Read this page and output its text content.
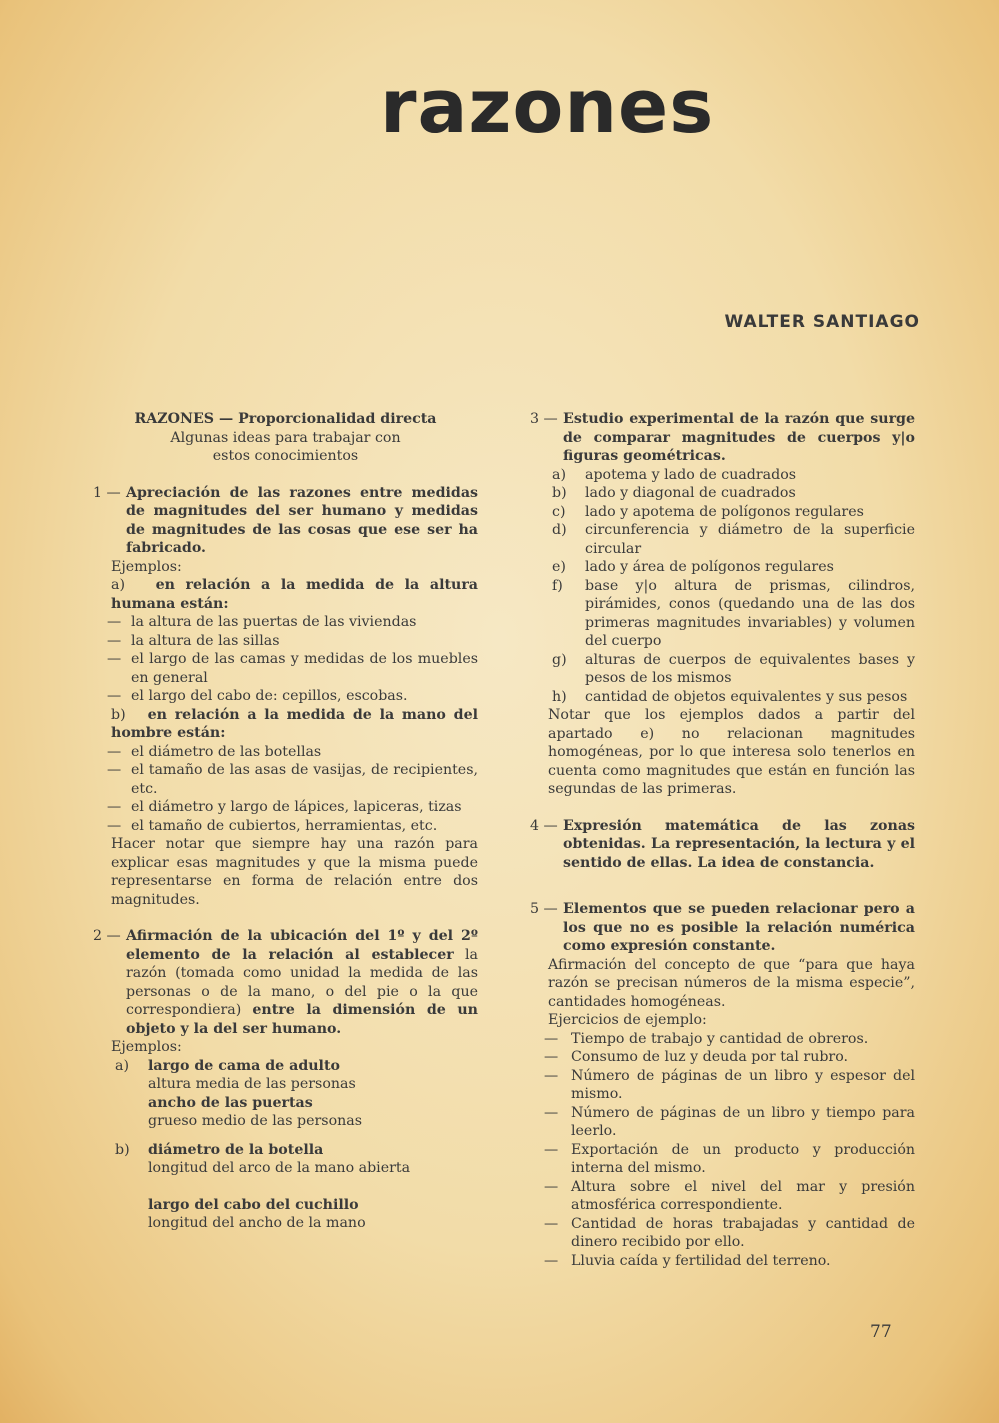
razones
WALTER SANTIAGO

RAZONES — Proporcionalidad directa

Algunas ideas para trabajar con

estos conocimientos

1 — Apreciación de las razones entre medidas de magnitudes del ser humano y medidas de magnitudes de las cosas que ese ser ha fabricado.

Ejemplos:

a) en relación a la medida de la altura humana están:

— la altura de las puertas de las viviendas
— la altura de las sillas
— el largo de las camas y medidas de los muebles en general
— el largo del cabo de: cepillos, escobas.

b) en relación a la medida de la mano del hombre están:

— el diámetro de las botellas
— el tamaño de las asas de vasijas, de recipientes, etc.
— el diámetro y largo de lápices, lapiceras, tizas
— el tamaño de cubiertos, herramientas, etc.

Hacer notar que siempre hay una razón para explicar esas magnitudes y que la misma puede representarse en forma de relación entre dos magnitudes.

2 — Afirmación de la ubicación del 1º y del 2º elemento de la relación al establecer la razón (tomada como unidad la medida de las personas o de la mano, o del pie o la que correspondiera) entre la dimensión de un objeto y la del ser humano.

Ejemplos:

a)	largo de cama de adulto

altura media de las personas

ancho de las puertas

grueso medio de las personas

b)	diámetro de la botella

longitud del arco de la mano abierta

largo del cabo del cuchillo

longitud del ancho de la mano

3 — Estudio experimental de la razón que surge de comparar magnitudes de cuerpos y|o figuras geométricas.
a)	apotema y lado de cuadrados
b)	lado y diagonal de cuadrados
c)	lado y apotema de polígonos regulares
d)	circunferencia y diámetro de la superficie circular
e)	lado y área de polígonos regulares
f)	base y|o altura de prismas, cilindros, pirámides, conos (quedando una de las dos primeras magnitudes invariables) y volumen del cuerpo
g)	alturas de cuerpos de equivalentes bases y pesos de los mismos
h)	cantidad de objetos equivalentes y sus pesos

Notar que los ejemplos dados a partir del apartado e) no relacionan magnitudes homogéneas, por lo que interesa solo tenerlos en cuenta como magnitudes que están en función las segundas de las primeras.

4 — Expresión matemática de las zonas obtenidas. La representación, la lectura y el sentido de ellas. La idea de constancia.
5 — Elementos que se pueden relacionar pero a los que no es posible la relación numérica como expresión constante.

Afirmación del concepto de que “para que haya razón se precisan números de la misma especie”, cantidades homogéneas.

Ejercicios de ejemplo:

— Tiempo de trabajo y cantidad de obreros.
— Consumo de luz y deuda por tal rubro.
— Número de páginas de un libro y espesor del mismo.
— Número de páginas de un libro y tiempo para leerlo.
— Exportación de un producto y producción interna del mismo.
— Altura sobre el nivel del mar y presión atmosférica correspondiente.
— Cantidad de horas trabajadas y cantidad de dinero recibido por ello.
— Lluvia caída y fertilidad del terreno.
77
